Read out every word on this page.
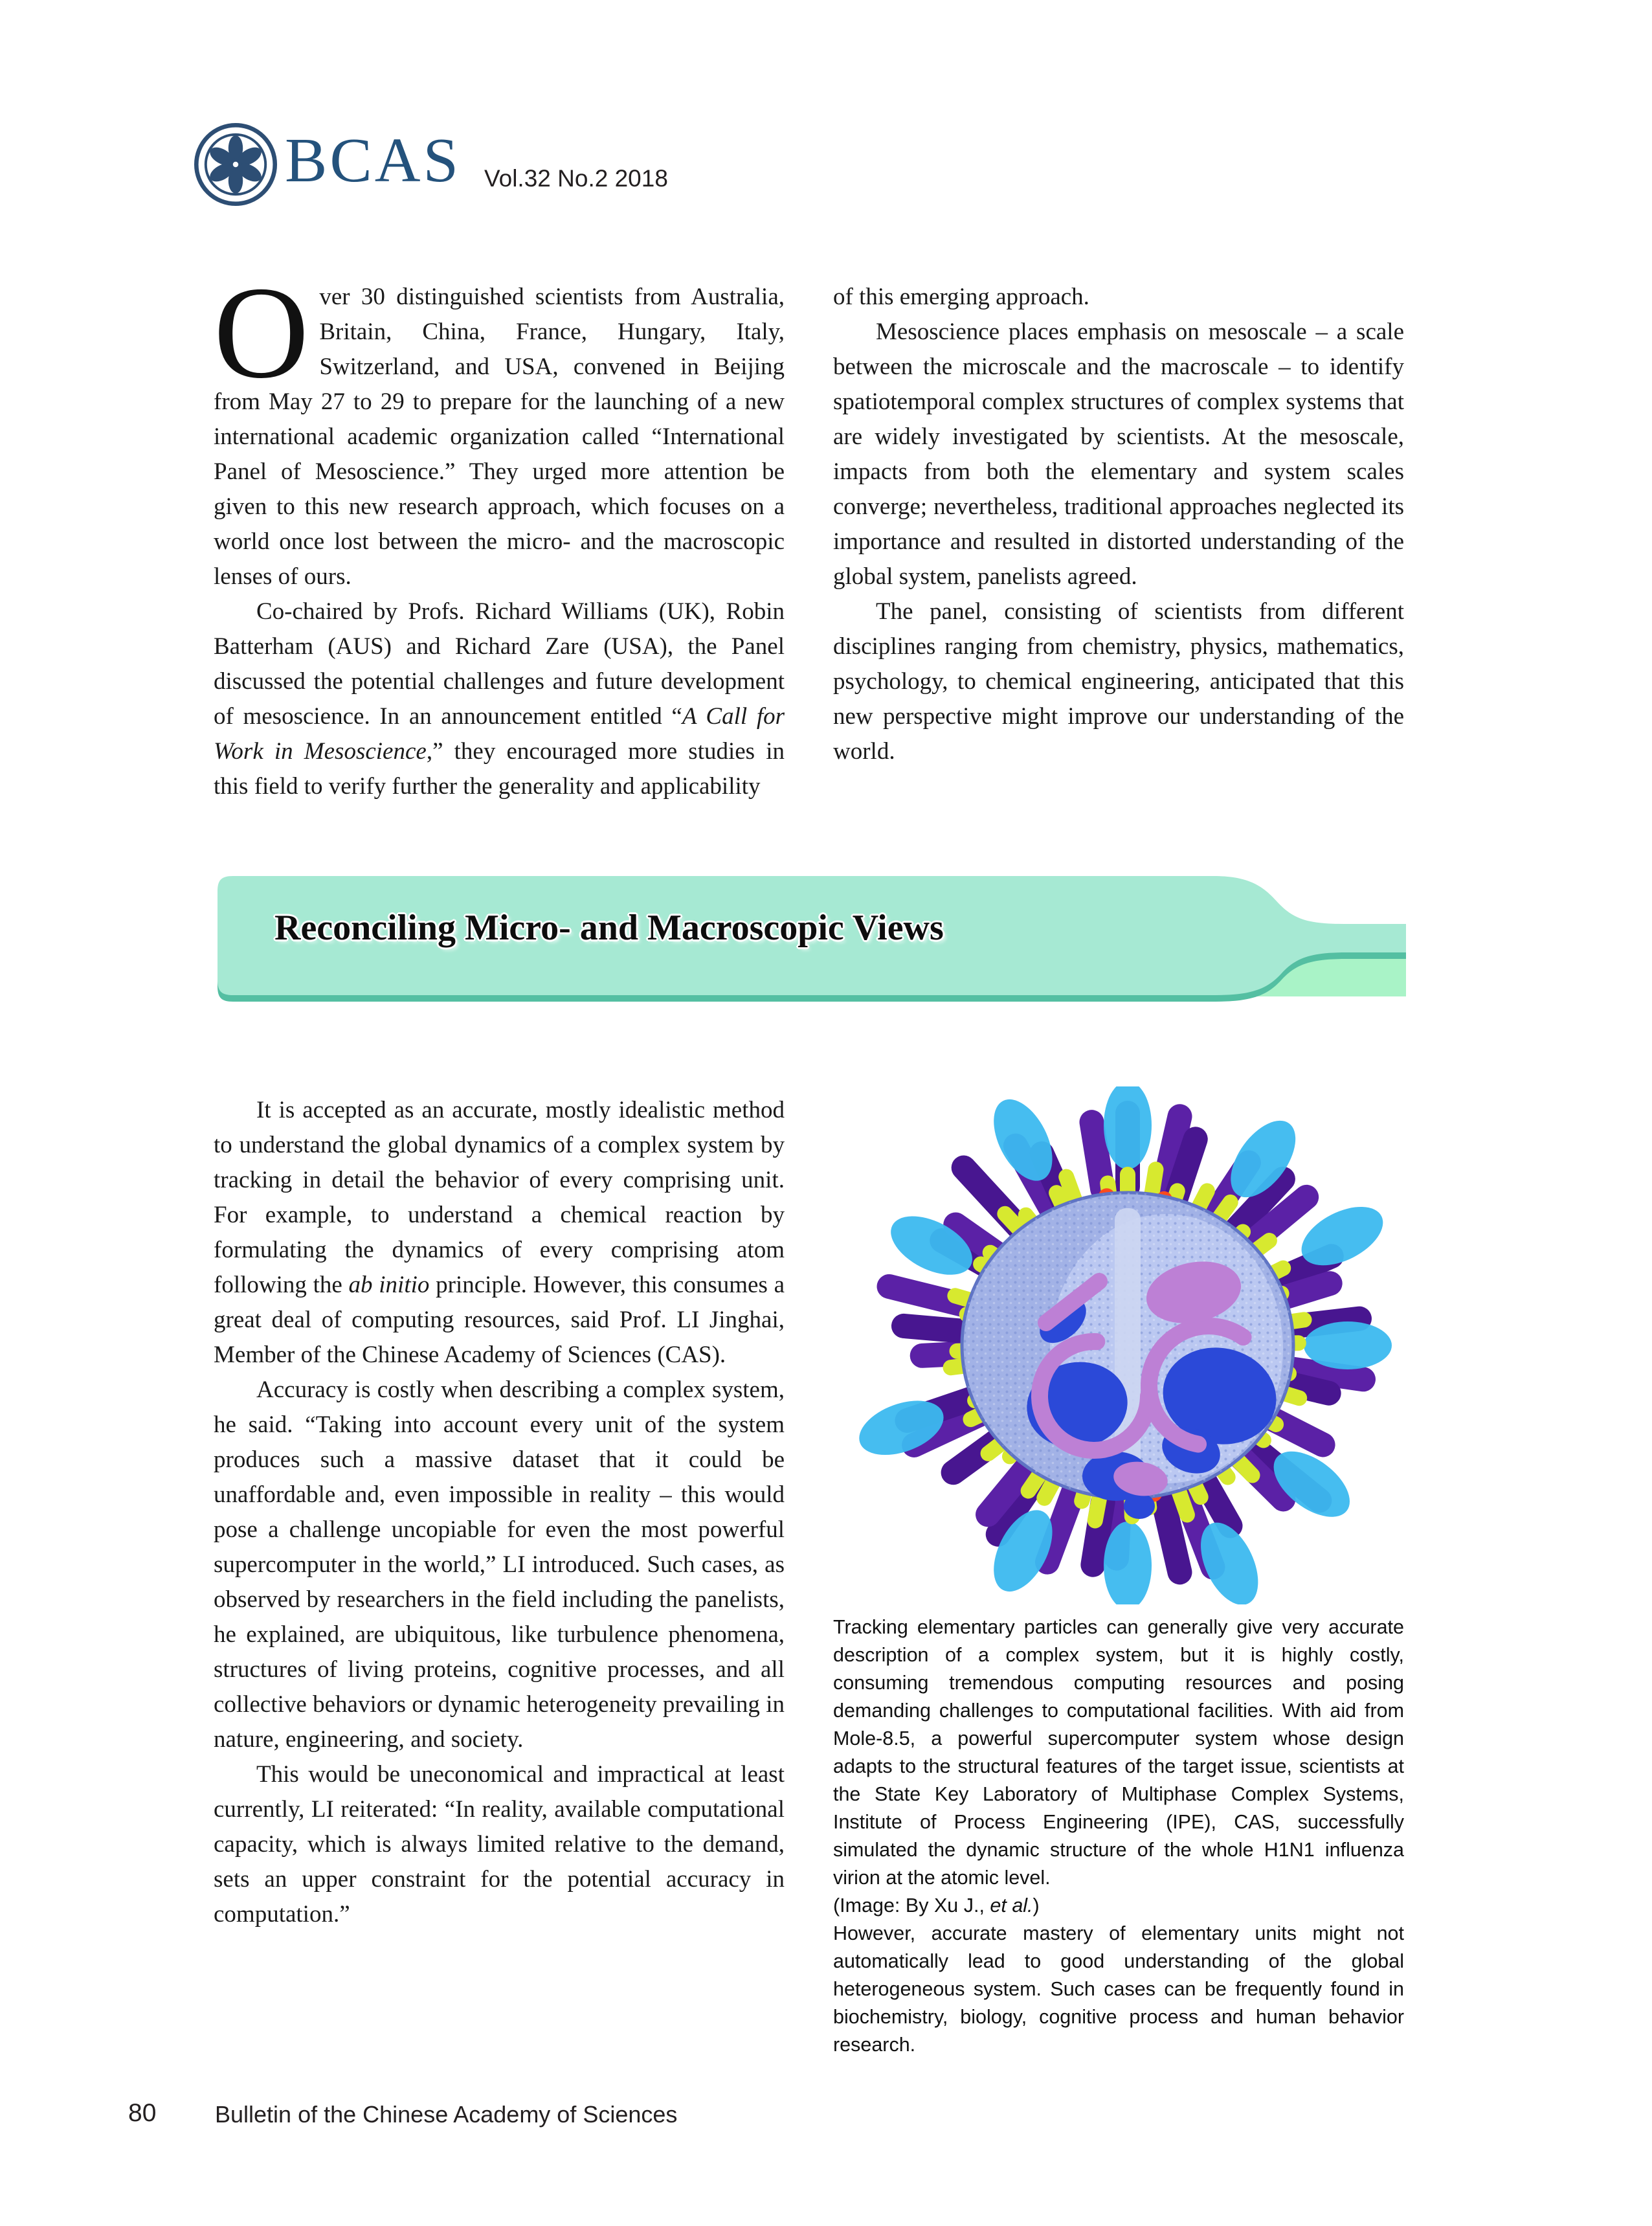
BCAS Vol.32 No.2 2018

Over 30 distinguished scientists from Australia, Britain, China, France, Hungary, Italy, Switzerland, and USA, convened in Beijing from May 27 to 29 to prepare for the launching of a new international academic organization called “International Panel of Mesoscience.” They urged more attention be given to this new research approach, which focuses on a world once lost between the micro- and the macroscopic lenses of ours.

Co-chaired by Profs. Richard Williams (UK), Robin Batterham (AUS) and Richard Zare (USA), the Panel discussed the potential challenges and future development of mesoscience. In an announcement entitled “A Call for Work in Mesoscience,” they encouraged more studies in this field to verify further the generality and applicability

of this emerging approach.

Mesoscience places emphasis on mesoscale – a scale between the microscale and the macroscale – to identify spatiotemporal complex structures of complex systems that are widely investigated by scientists. At the mesoscale, impacts from both the elementary and system scales converge; nevertheless, traditional approaches neglected its importance and resulted in distorted understanding of the global system, panelists agreed.

The panel, consisting of scientists from different disciplines ranging from chemistry, physics, mathematics, psychology, to chemical engineering, anticipated that this new perspective might improve our understanding of the world.

Reconciling Micro- and Macroscopic Views

It is accepted as an accurate, mostly idealistic method to understand the global dynamics of a complex system by tracking in detail the behavior of every comprising unit. For example, to understand a chemical reaction by formulating the dynamics of every comprising atom following the ab initio principle. However, this consumes a great deal of computing resources, said Prof. LI Jinghai, Member of the Chinese Academy of Sciences (CAS).

Accuracy is costly when describing a complex system, he said. “Taking into account every unit of the system produces such a massive dataset that it could be unaffordable and, even impossible in reality – this would pose a challenge uncopiable for even the most powerful supercomputer in the world,” LI introduced. Such cases, as observed by researchers in the field including the panelists, he explained, are ubiquitous, like turbulence phenomena, structures of living proteins, cognitive processes, and all collective behaviors or dynamic heterogeneity prevailing in nature, engineering, and society.

This would be uneconomical and impractical at least currently, LI reiterated: “In reality, available computational capacity, which is always limited relative to the demand, sets an upper constraint for the potential accuracy in computation.”

Tracking elementary particles can generally give very accurate description of a complex system, but it is highly costly, consuming tremendous computing resources and posing demanding challenges to computational facilities. With aid from Mole-8.5, a powerful supercomputer system whose design adapts to the structural features of the target issue, scientists at the State Key Laboratory of Multiphase Complex Systems, Institute of Process Engineering (IPE), CAS, successfully simulated the dynamic structure of the whole H1N1 influenza virion at the atomic level.

(Image: By Xu J., et al.)

However, accurate mastery of elementary units might not automatically lead to good understanding of the global heterogeneous system. Such cases can be frequently found in biochemistry, biology, cognitive process and human behavior research.

80	Bulletin of the Chinese Academy of Sciences
